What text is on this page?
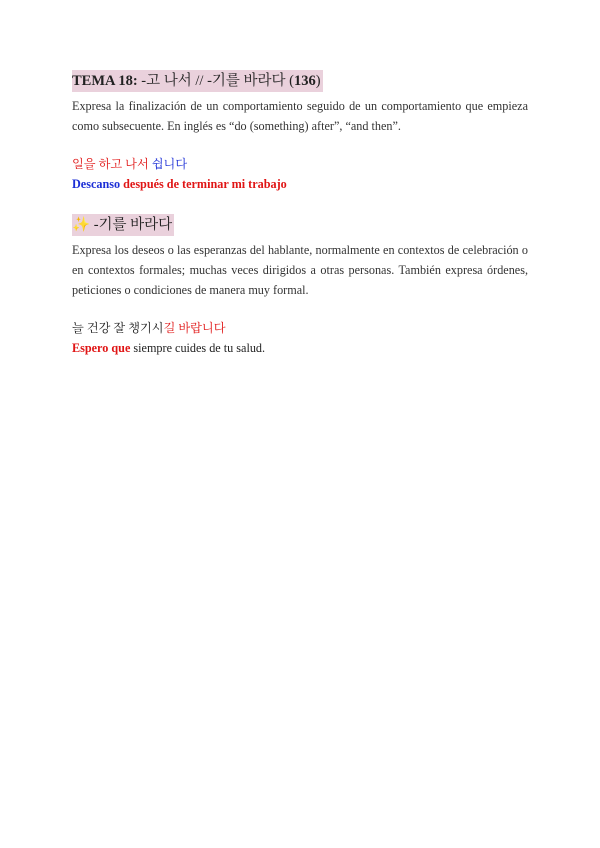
TEMA 18: -고 나서 // -기를 바라다 (136)

Expresa la finalización de un comportamiento seguido de un comportamiento que empieza como subsecuente. En inglés es “do (something) after”, “and then”.

일을 하고 나서 쉽니다

Descanso después de terminar mi trabajo

✨ -기를 바라다

Expresa los deseos o las esperanzas del hablante, normalmente en contextos de celebración o en contextos formales; muchas veces dirigidos a otras personas. También expresa órdenes, peticiones o condiciones de manera muy formal.

늘 건강 잘 챙기시길 바랍니다

Espero que siempre cuides de tu salud.
